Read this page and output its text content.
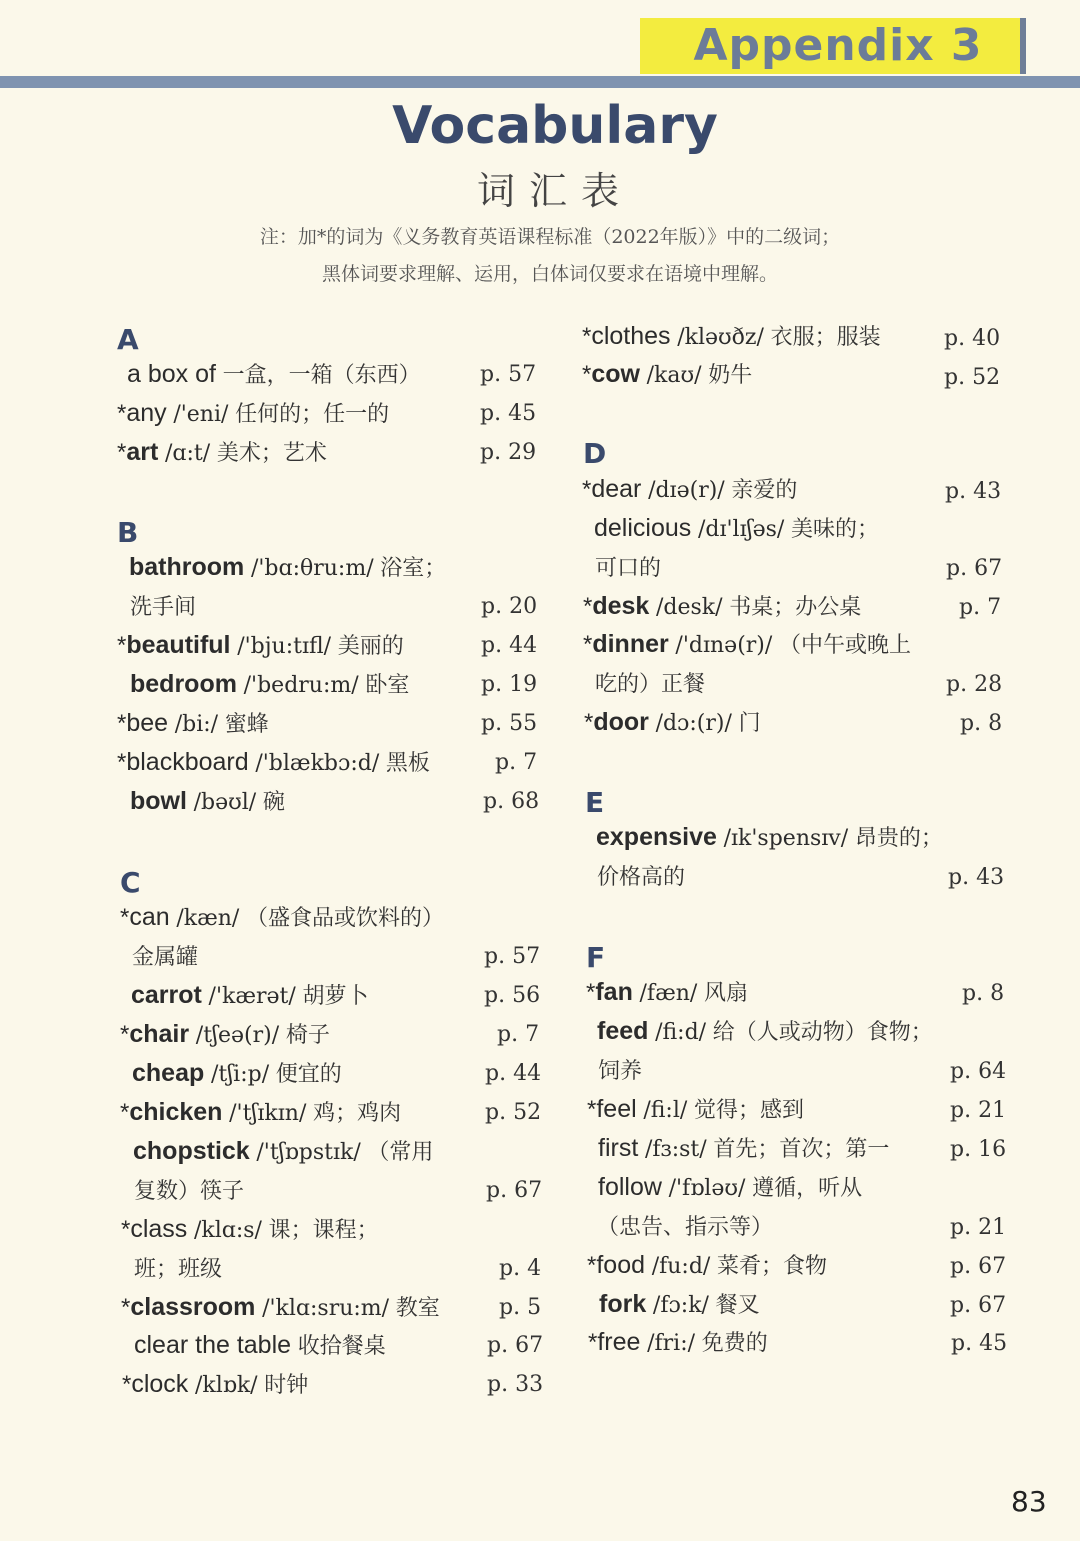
Appendix 3
Vocabulary
词汇表
注：加*的词为《义务教育英语课程标准（2022年版）》中的二级词；
黑体词要求理解、运用，白体词仅要求在语境中理解。
A
B
C
D
E
F
a box of 一盒，一箱（东西）	p. 57
*any /'eni/ 任何的；任一的	p. 45
*art /ɑ:t/ 美术；艺术	p. 29
bathroom /'bɑ:θru:m/ 浴室；
洗手间	p. 20
*beautiful /'bju:tɪfl/ 美丽的	p. 44
bedroom /'bedru:m/ 卧室	p. 19
*bee /bi:/ 蜜蜂	p. 55
*blackboard /'blækbɔ:d/ 黑板	p. 7
bowl /bəʊl/ 碗	p. 68
*can /kæn/ （盛食品或饮料的）
金属罐	p. 57
carrot /'kærət/ 胡萝卜	p. 56
*chair /tʃeə(r)/ 椅子	p. 7
cheap /tʃi:p/ 便宜的	p. 44
*chicken /'tʃɪkɪn/ 鸡；鸡肉	p. 52
chopstick /'tʃɒpstɪk/ （常用
复数）筷子	p. 67
*class /klɑ:s/ 课；课程；
班；班级	p. 4
*classroom /'klɑ:sru:m/ 教室	p. 5
clear the table 收拾餐桌	p. 67
*clock /klɒk/ 时钟	p. 33
*clothes /kləʊðz/ 衣服；服装	p. 40
*cow /kaʊ/ 奶牛	p. 52
*dear /dɪə(r)/ 亲爱的	p. 43
delicious /dɪ'lɪʃəs/ 美味的；
可口的	p. 67
*desk /desk/ 书桌；办公桌	p. 7
*dinner /'dɪnə(r)/ （中午或晚上
吃的）正餐	p. 28
*door /dɔ:(r)/ 门	p. 8
expensive /ɪk'spensɪv/ 昂贵的；
价格高的	p. 43
*fan /fæn/ 风扇	p. 8
feed /fi:d/ 给（人或动物）食物；
饲养	p. 64
*feel /fi:l/ 觉得；感到	p. 21
first /fɜ:st/ 首先；首次；第一	p. 16
follow /'fɒləʊ/ 遵循，听从
（忠告、指示等）	p. 21
*food /fu:d/ 菜肴；食物	p. 67
fork /fɔ:k/ 餐叉	p. 67
*free /fri:/ 免费的	p. 45
83
